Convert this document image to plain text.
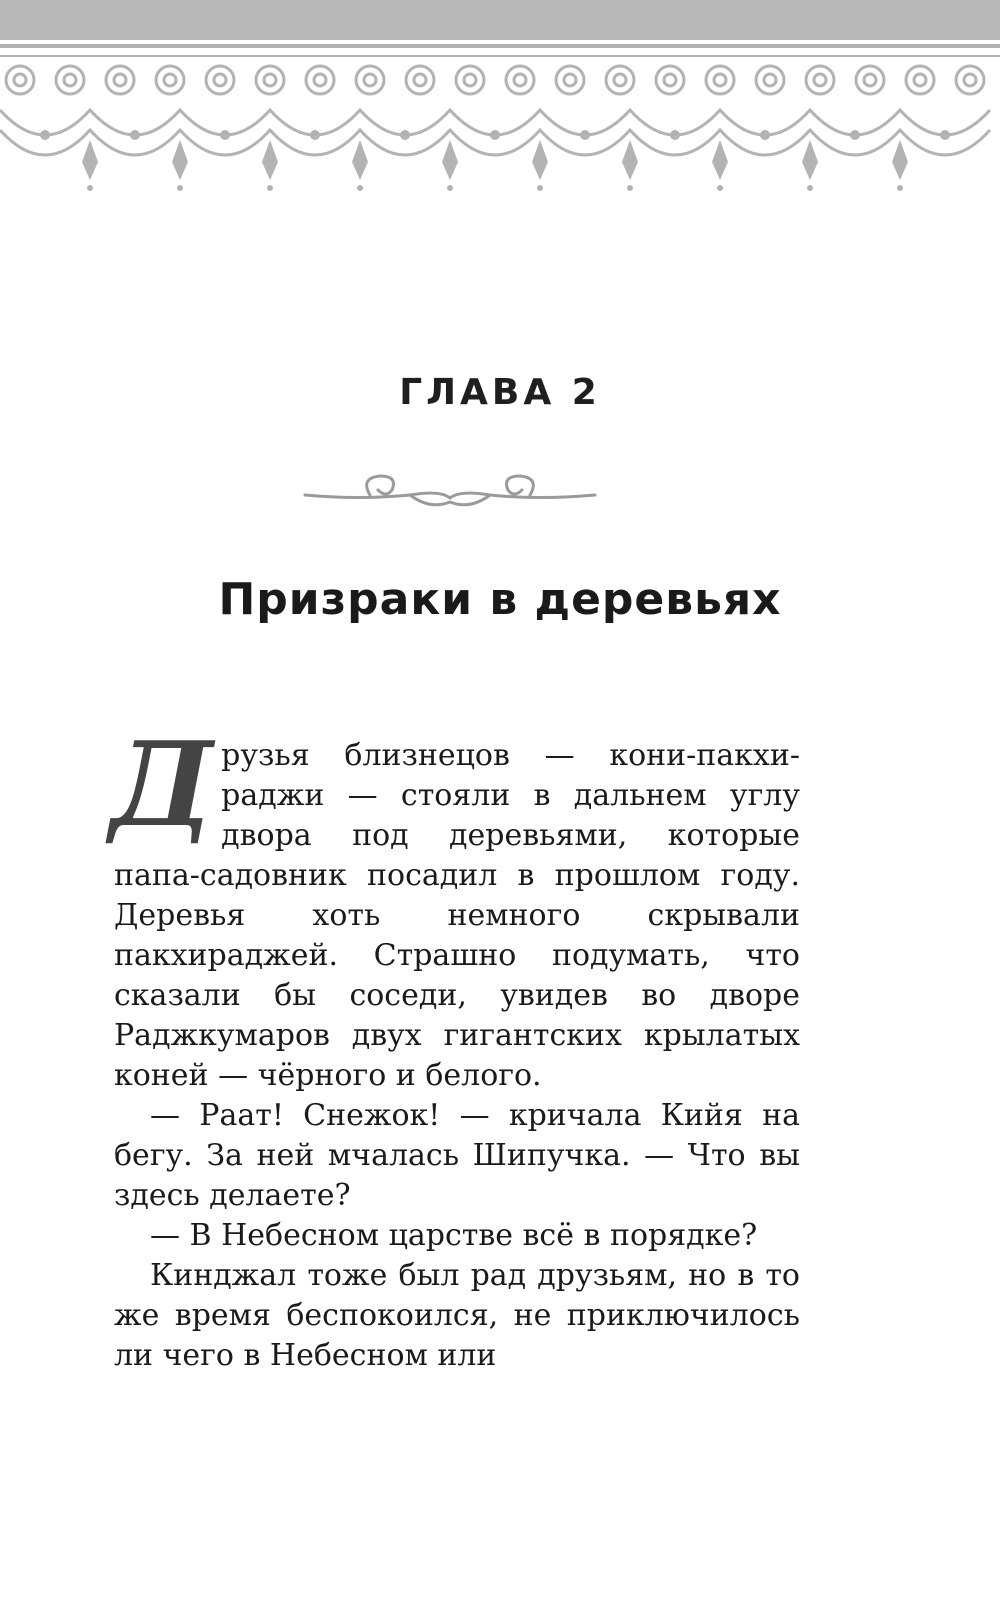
ГЛАВА 2
Призраки в деревьях

Друзья близнецов — кони-пакхираджи — стояли в дальнем углу двора под деревьями, которые папа-садовник посадил в прошлом году. Деревья хоть немного скрывали пакхираджей. Страшно подумать, что сказали бы соседи, увидев во дворе Раджкумаров двух гигантских крылатых коней — чёрного и белого.

— Раат! Снежок! — кричала Кийя на бегу. За ней мчалась Шипучка. — Что вы здесь делаете?

— В Небесном царстве всё в порядке?

Кинджал тоже был рад друзьям, но в то же время беспокоился, не приключилось ли чего в Небесном или
